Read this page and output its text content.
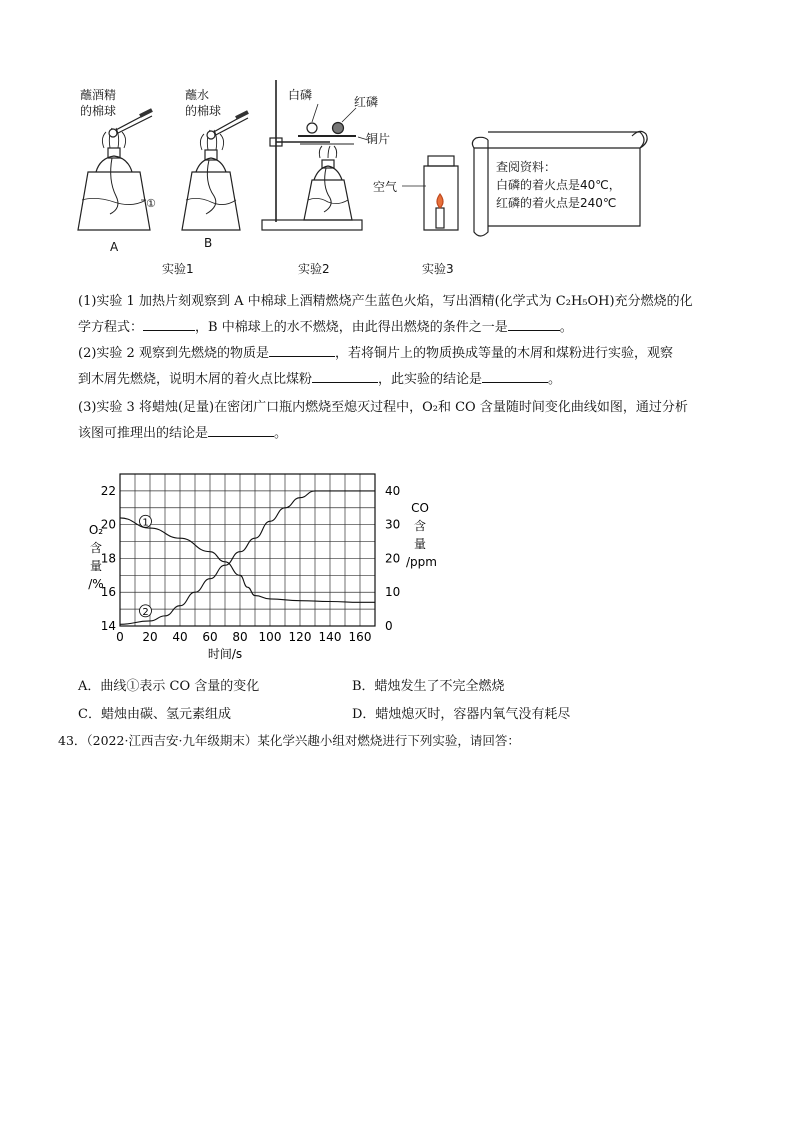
蘸酒精
的棉球
蘸水
的棉球
①
A	B
白磷	红磷
铜片
空气
查阅资料：
白磷的着火点是40℃，
红磷的着火点是240℃
实验1	实验2	实验3
(1)实验 1 加热片刻观察到 A 中棉球上酒精燃烧产生蓝色火焰，写出酒精(化学式为 C₂H₅OH)充分燃烧的化
学方程式：	，B 中棉球上的水不燃烧，由此得出燃烧的条件之一是	。
(2)实验 2 观察到先燃烧的物质是	，若将铜片上的物质换成等量的木屑和煤粉进行实验，观察
到木屑先燃烧，说明木屑的着火点比煤粉	，此实验的结论是	。
(3)实验 3 将蜡烛(足量)在密闭广口瓶内燃烧至熄灭过程中，O₂和 CO 含量随时间变化曲线如图，通过分析
该图可推理出的结论是	。
0 20 40 60 80 100 120 140 160
14
16
18
20
22
0
10
20
30
40
时间/s
O₂
含
量
/%
CO
含
量
/ppm
1
2
A．曲线①表示 CO 含量的变化	B．蜡烛发生了不完全燃烧
C．蜡烛由碳、氢元素组成	D．蜡烛熄灭时，容器内氧气没有耗尽
43．（2022·江西吉安·九年级期末）某化学兴趣小组对燃烧进行下列实验，请回答：
